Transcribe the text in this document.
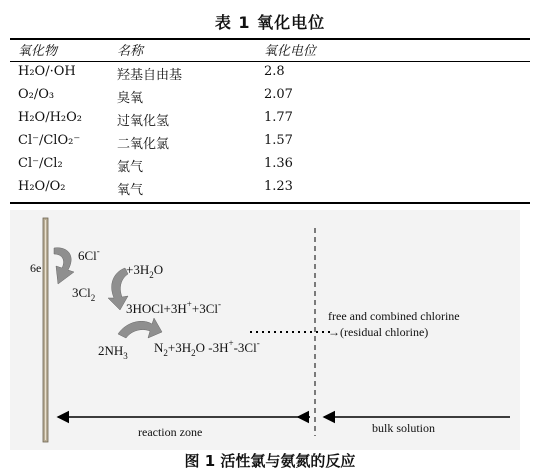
表 1 氧化电位
氧化物	名称	氧化电位
H₂O/·OH	羟基自由基	2.8
O₂/O₃	臭氧	2.07
H₂O/H₂O₂	过氧化氢	1.77
Cl⁻/ClO₂⁻	二氧化氯	1.57
Cl⁻/Cl₂	氯气	1.36
H₂O/O₂	氧气	1.23
6e
6Cl-
$3Cl_2$
$+3H_2O$
3HOCl+3H++3Cl-
$2NH_3$
$N_2+3H_2O$ -3H+-3Cl-
free and combined chlorine
→(residual chlorine)
reaction zone	bulk solution
图 1 活性氯与氨氮的反应
